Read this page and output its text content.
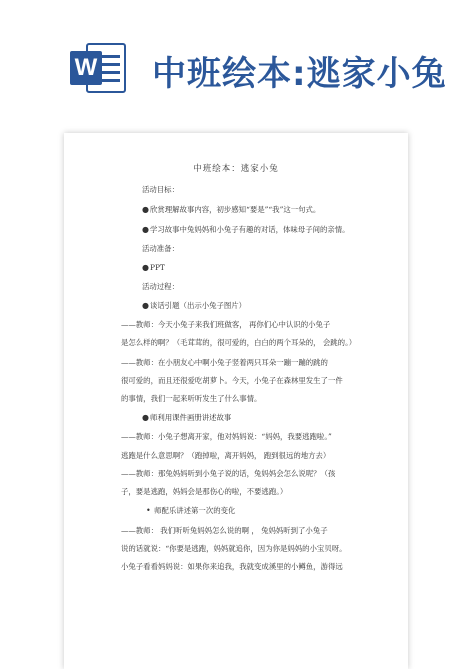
W 中班绘本:逃家小兔
中班绘本：逃家小兔
活动目标：
●欣赏理解故事内容，初步感知“要是”“我”这一句式。
●学习故事中兔妈妈和小兔子有趣的对话，体味母子间的亲情。
活动准备：
●PPT
活动过程：
●谈话引题（出示小兔子图片）
——教师：今天小兔子来我们班做客， 再你们心中认识的小兔子
是怎么样的啊？（毛茸茸的，很可爱的，白白的两个耳朵的， 会跳的。）
——教师：在小朋友心中啊小兔子竖着两只耳朵一蹦一蹦的跳的
很可爱的，而且还很爱吃胡萝卜。今天，小兔子在森林里发生了一件
的事情，我们一起来听听发生了什么事情。
●师利用课件画册讲述故事
——教师：小兔子想离开家，他对妈妈说：“妈妈，我要逃跑啦。”
逃跑是什么意思啊？（跑掉啦，离开妈妈， 跑到很远的地方去）
——教师：那兔妈妈听到小兔子说的话，兔妈妈会怎么说呢？（孩
子，要是逃跑，妈妈会是那伤心的啦，不要逃跑。）
• 师配乐讲述第一次的变化
——教师： 我们听听兔妈妈怎么说的啊 ， 兔妈妈听到了小兔子
说的话就说：“你要是逃跑，妈妈就追你，因为你是妈妈的小宝贝呀。
小兔子看看妈妈说：如果你来追我，我就变成溪里的小鳟鱼，游得远
